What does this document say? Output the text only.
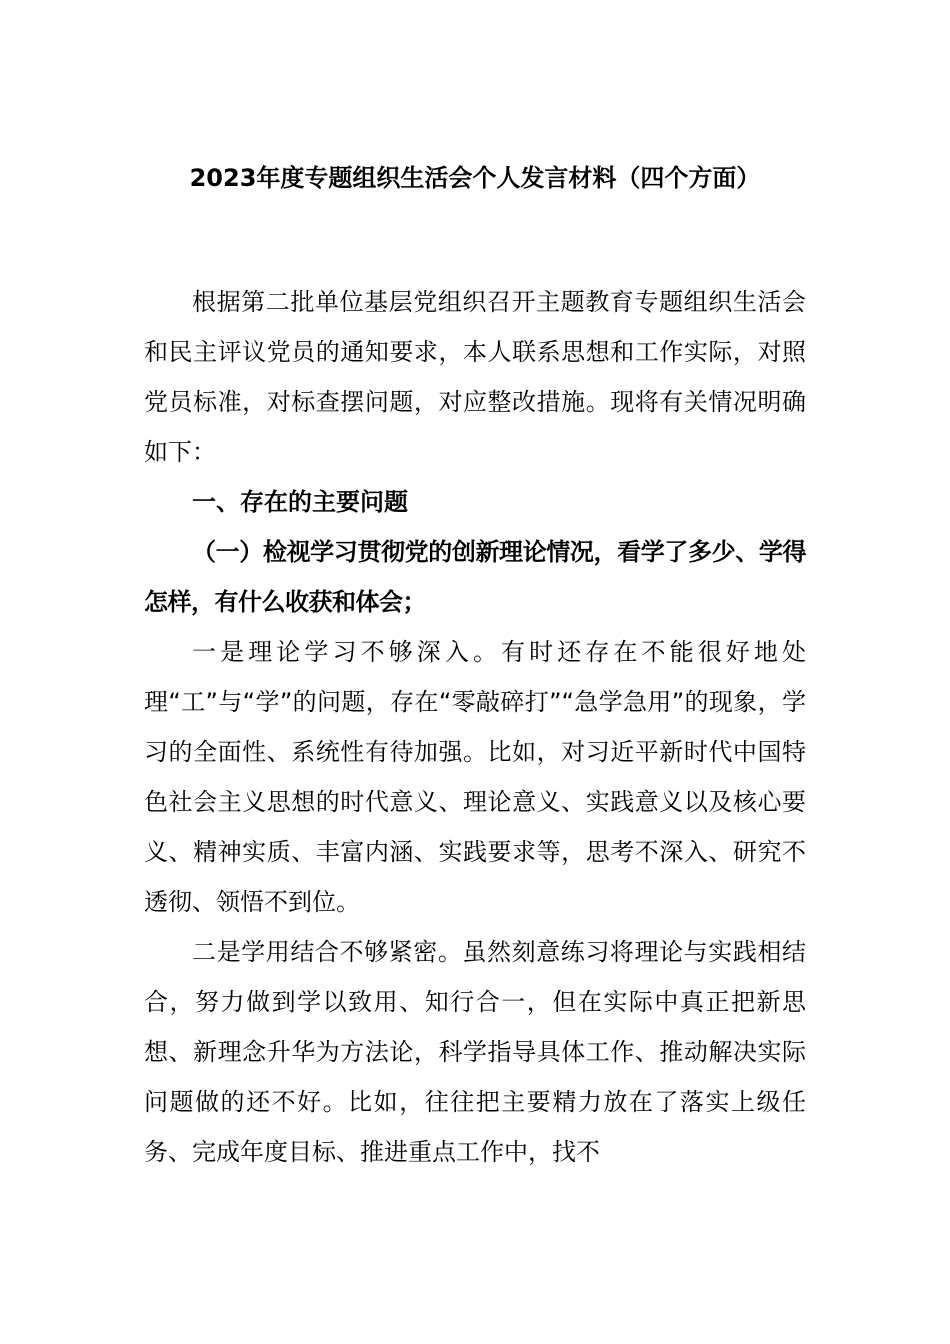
2023年度专题组织生活会个人发言材料（四个方面）

根据第二批单位基层党组织召开主题教育专题组织生活会和民主评议党员的通知要求，本人联系思想和工作实际，对照党员标准，对标查摆问题，对应整改措施。现将有关情况明确如下：

一、存在的主要问题

（一）检视学习贯彻党的创新理论情况，看学了多少、学得怎样，有什么收获和体会；

一是理论学习不够深入。有时还存在不能很好地处理“工”与“学”的问题，存在“零敲碎打”“急学急用”的现象，学习的全面性、系统性有待加强。比如，对习近平新时代中国特色社会主义思想的时代意义、理论意义、实践意义以及核心要义、精神实质、丰富内涵、实践要求等，思考不深入、研究不透彻、领悟不到位。

二是学用结合不够紧密。虽然刻意练习将理论与实践相结合，努力做到学以致用、知行合一，但在实际中真正把新思想、新理念升华为方法论，科学指导具体工作、推动解决实际问题做的还不好。比如，往往把主要精力放在了落实上级任务、完成年度目标、推进重点工作中，找不
